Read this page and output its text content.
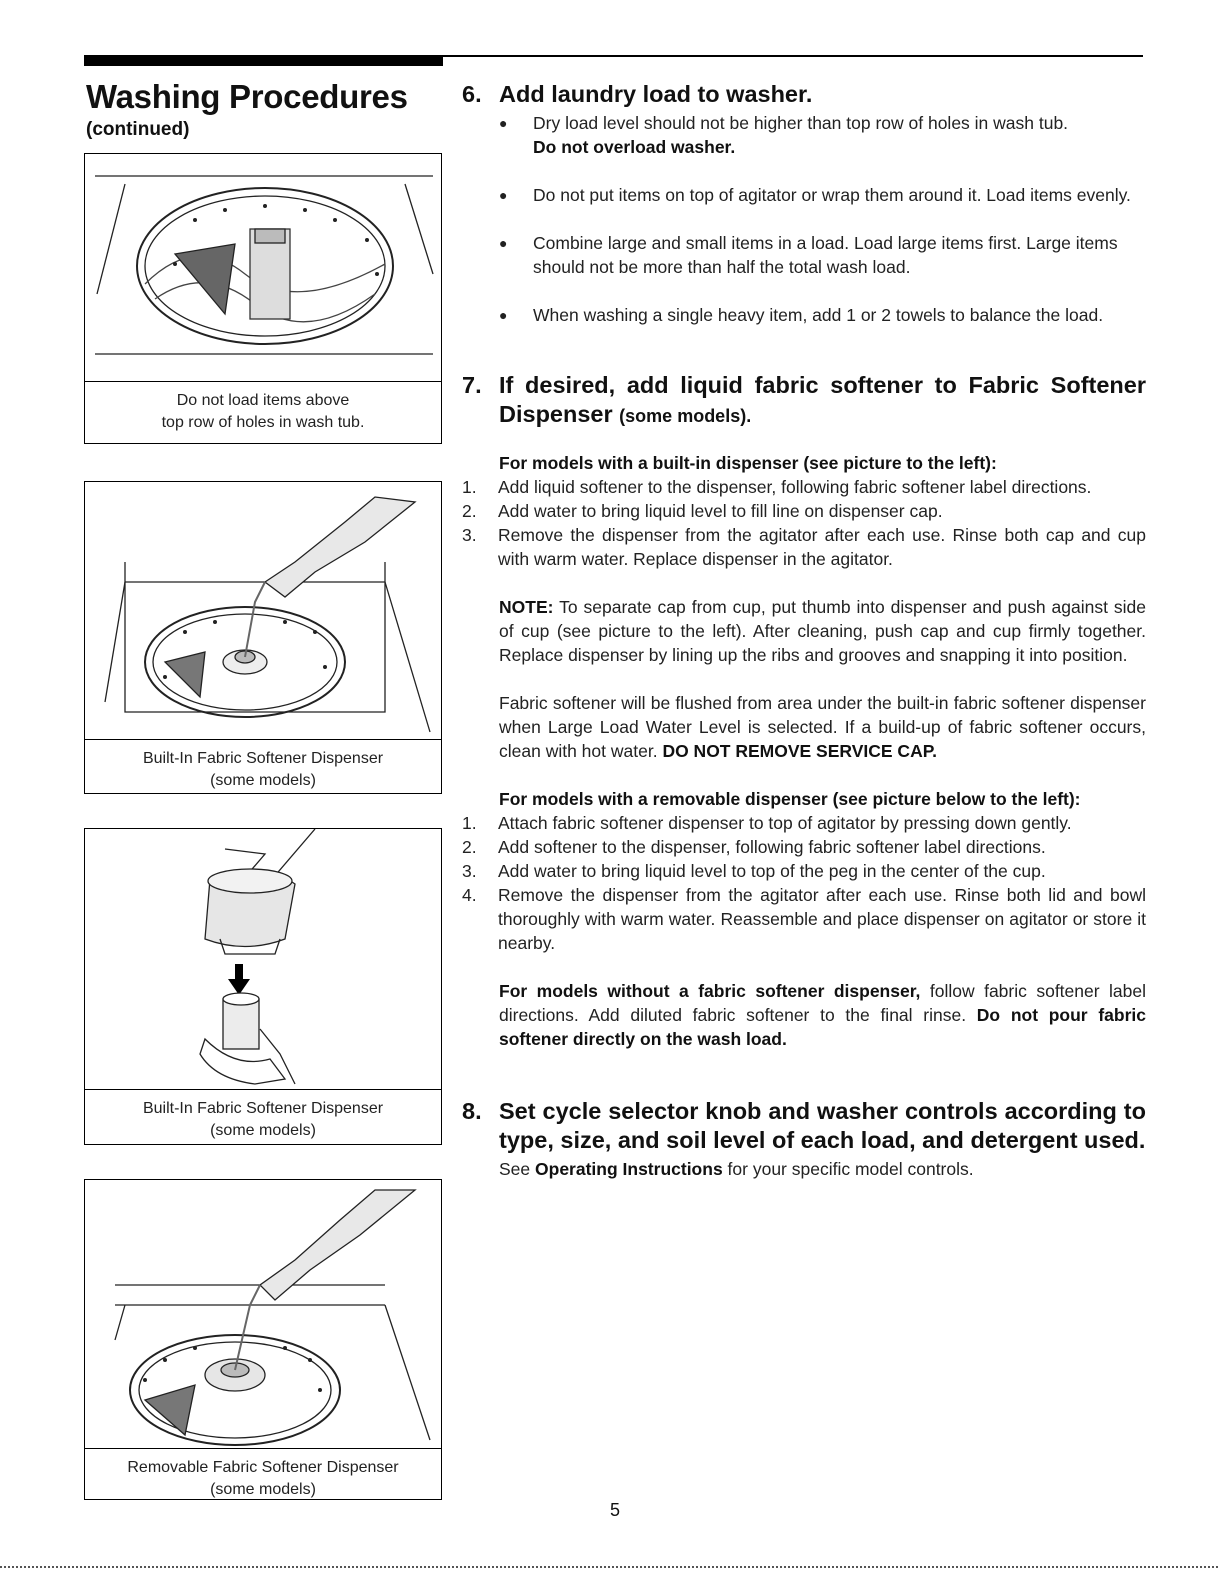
Washing Procedures
(continued)
Do not load items above
top row of holes in wash tub.
Built-In Fabric Softener Dispenser
(some models)
Built-In Fabric Softener Dispenser
(some models)
Removable Fabric Softener Dispenser
(some models)
6. Add laundry load to washer.
●	Dry load level should not be higher than top row of holes in wash tub.
Do not overload washer.
●	Do not put items on top of agitator or wrap them around it. Load items evenly.
●	Combine large and small items in a load. Load large items first. Large items should not be more than half the total wash load.
●	When washing a single heavy item, add 1 or 2 towels to balance the load.
7. If desired, add liquid fabric softener to Fabric Softener Dispenser (some models).
For models with a built-in dispenser (see picture to the left):
1.	Add liquid softener to the dispenser, following fabric softener label directions.
2.	Add water to bring liquid level to fill line on dispenser cap.
3.	Remove the dispenser from the agitator after each use. Rinse both cap and cup with warm water. Replace dispenser in the agitator.
NOTE: To separate cap from cup, put thumb into dispenser and push against side of cup (see picture to the left). After cleaning, push cap and cup firmly together. Replace dispenser by lining up the ribs and grooves and snapping it into position.
Fabric softener will be flushed from area under the built-in fabric softener dispenser when Large Load Water Level is selected. If a build-up of fabric softener occurs, clean with hot water. DO NOT REMOVE SERVICE CAP.
For models with a removable dispenser (see picture below to the left):
1.	Attach fabric softener dispenser to top of agitator by pressing down gently.
2.	Add softener to the dispenser, following fabric softener label directions.
3.	Add water to bring liquid level to top of the peg in the center of the cup.
4.	Remove the dispenser from the agitator after each use. Rinse both lid and bowl thoroughly with warm water. Reassemble and place dispenser on agitator or store it nearby.
For models without a fabric softener dispenser, follow fabric softener label directions. Add diluted fabric softener to the final rinse. Do not pour fabric softener directly on the wash load.
8. Set cycle selector knob and washer controls according to type, size, and soil level of each load, and detergent used.
See Operating Instructions for your specific model controls.
5
